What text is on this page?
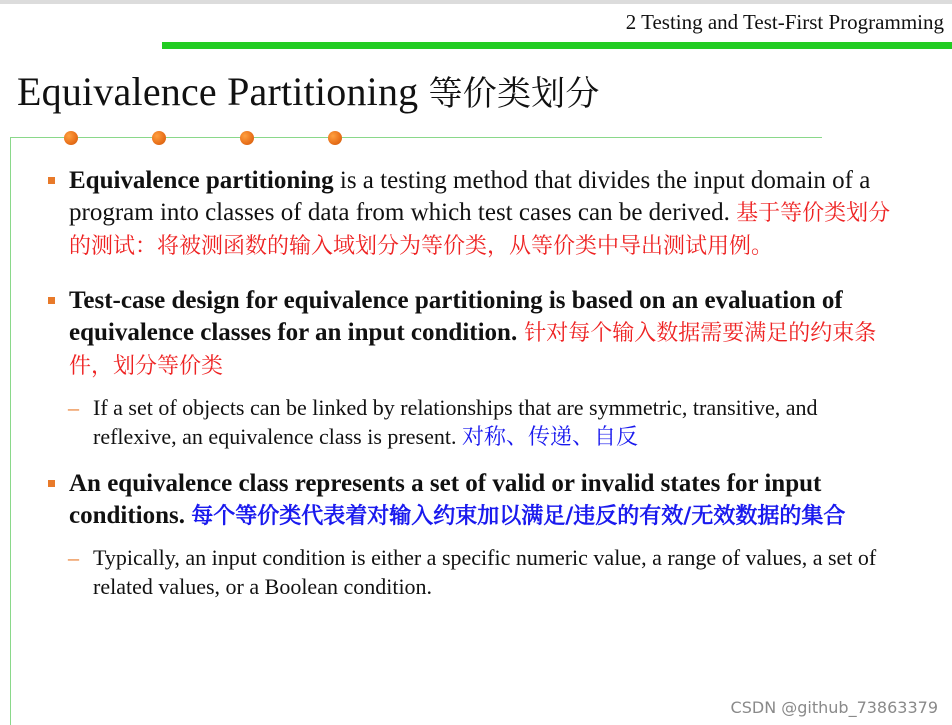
2 Testing and Test-First Programming
Equivalence Partitioning 等价类划分
Equivalence partitioning is a testing method that divides the input domain of a program into classes of data from which test cases can be derived. 基于等价类划分的测试：将被测函数的输入域划分为等价类，从等价类中导出测试用例。
Test-case design for equivalence partitioning is based on an evaluation of equivalence classes for an input condition. 针对每个输入数据需要满足的约束条件，划分等价类
– If a set of objects can be linked by relationships that are symmetric, transitive, and reflexive, an equivalence class is present. 对称、传递、自反
An equivalence class represents a set of valid or invalid states for input conditions. 每个等价类代表着对输入约束加以满足/违反的有效/无效数据的集合
– Typically, an input condition is either a specific numeric value, a range of values, a set of related values, or a Boolean condition.
CSDN @github_73863379
